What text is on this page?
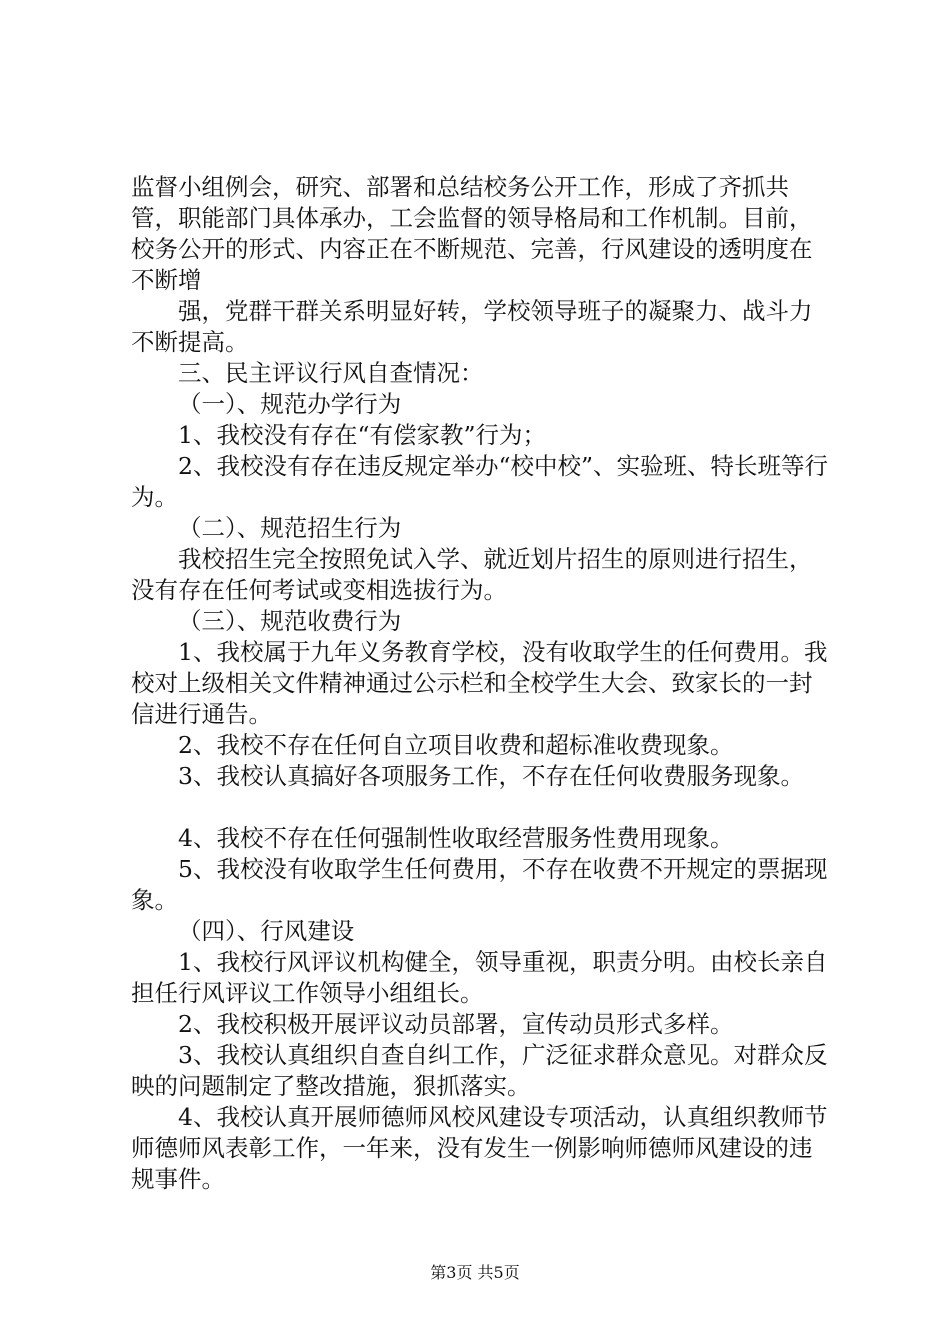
监督小组例会，研究、部署和总结校务公开工作，形成了齐抓共管，职能部门具体承办，工会监督的领导格局和工作机制。目前，校务公开的形式、内容正在不断规范、完善，行风建设的透明度在不断增

强，党群干群关系明显好转，学校领导班子的凝聚力、战斗力不断提高。

三、民主评议行风自查情况：

（一）、规范办学行为

1、我校没有存在“有偿家教”行为；

2、我校没有存在违反规定举办“校中校”、实验班、特长班等行为。

（二）、规范招生行为

我校招生完全按照免试入学、就近划片招生的原则进行招生，没有存在任何考试或变相选拔行为。

（三）、规范收费行为

1、我校属于九年义务教育学校，没有收取学生的任何费用。我校对上级相关文件精神通过公示栏和全校学生大会、致家长的一封信进行通告。

2、我校不存在任何自立项目收费和超标准收费现象。

3、我校认真搞好各项服务工作，不存在任何收费服务现象。

4、我校不存在任何强制性收取经营服务性费用现象。

5、我校没有收取学生任何费用，不存在收费不开规定的票据现象。

（四）、行风建设

1、我校行风评议机构健全，领导重视，职责分明。由校长亲自担任行风评议工作领导小组组长。

2、我校积极开展评议动员部署，宣传动员形式多样。

3、我校认真组织自查自纠工作，广泛征求群众意见。对群众反映的问题制定了整改措施，狠抓落实。

4、我校认真开展师德师风校风建设专项活动，认真组织教师节师德师风表彰工作，一年来，没有发生一例影响师德师风建设的违规事件。

第3页 共5页
